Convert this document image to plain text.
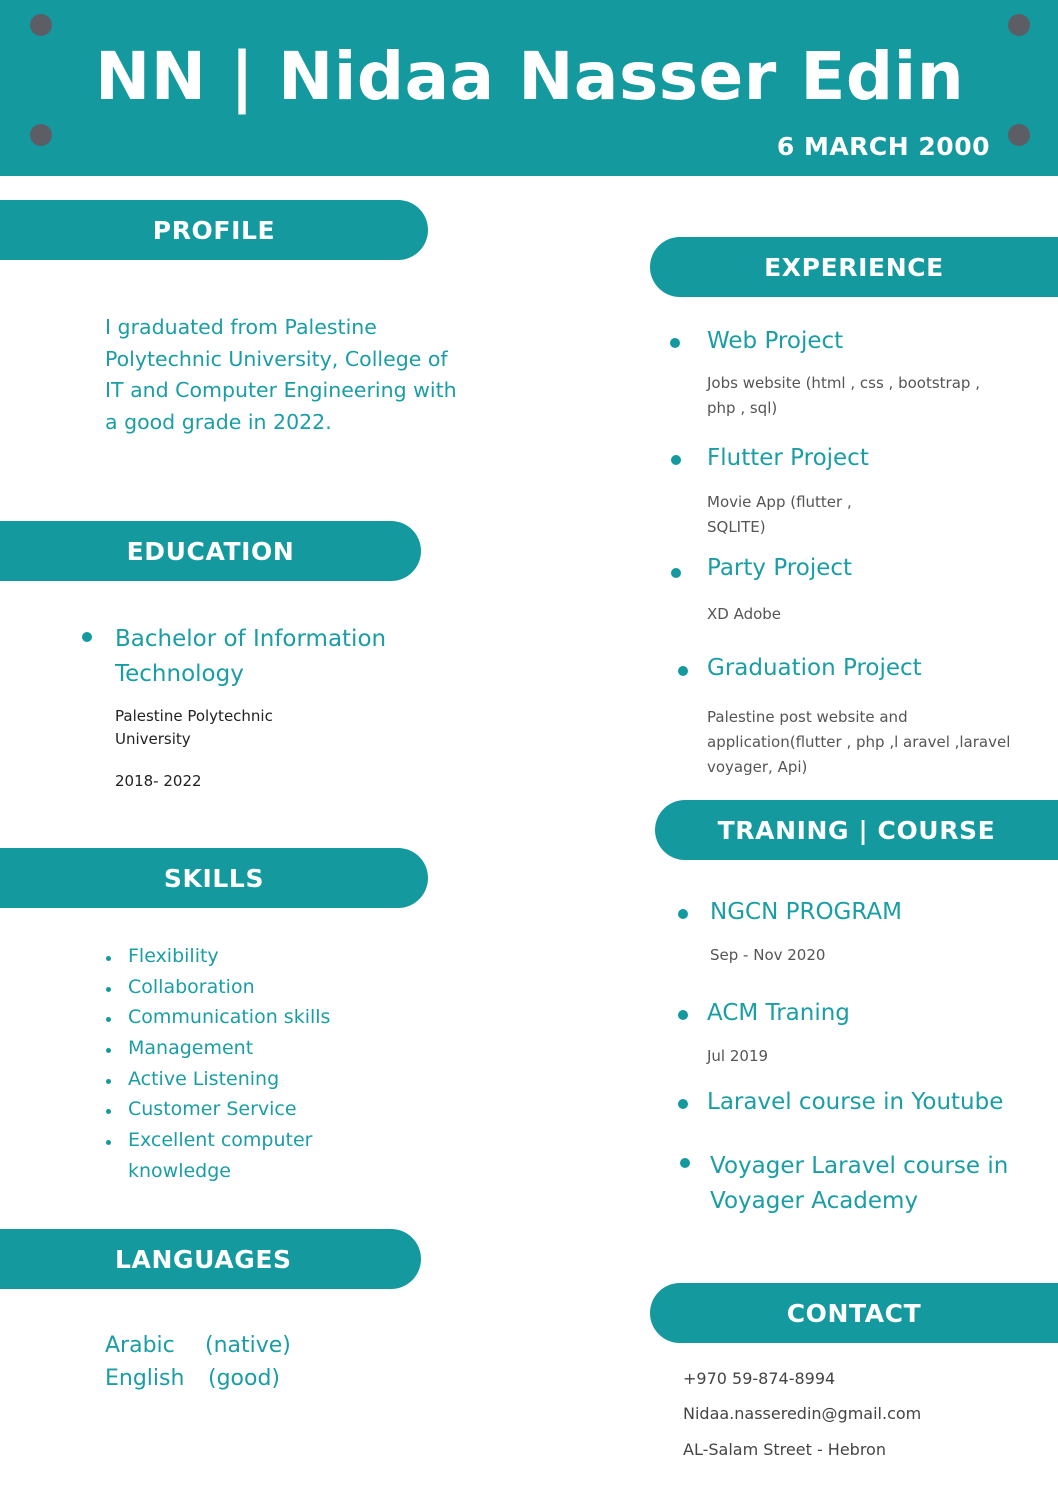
NN | Nidaa Nasser Edin
6 MARCH 2000
PROFILE
I graduated from Palestine Polytechnic University, College of IT and Computer Engineering with a good grade in 2022.
EDUCATION
Bachelor of Information Technology
Palestine Polytechnic University
2018- 2022
SKILLS
Flexibility
Collaboration
Communication skills
Management
Active Listening
Customer Service
Excellent computer
knowledge
LANGUAGES
Arabic (native)
English (good)
EXPERIENCE
Web Project
Jobs website (html , css , bootstrap ,
php , sql)
Flutter Project
Movie App (flutter ,
SQLITE)
Party Project
XD Adobe
Graduation Project
Palestine post website and
application(flutter , php ,l aravel ,laravel
voyager, Api)
TRANING | COURSE
NGCN PROGRAM
Sep - Nov 2020
ACM Traning
Jul 2019
Laravel course in Youtube
Voyager Laravel course in Voyager Academy
CONTACT
+970 59-874-8994
Nidaa.nasseredin@gmail.com
AL-Salam Street - Hebron
